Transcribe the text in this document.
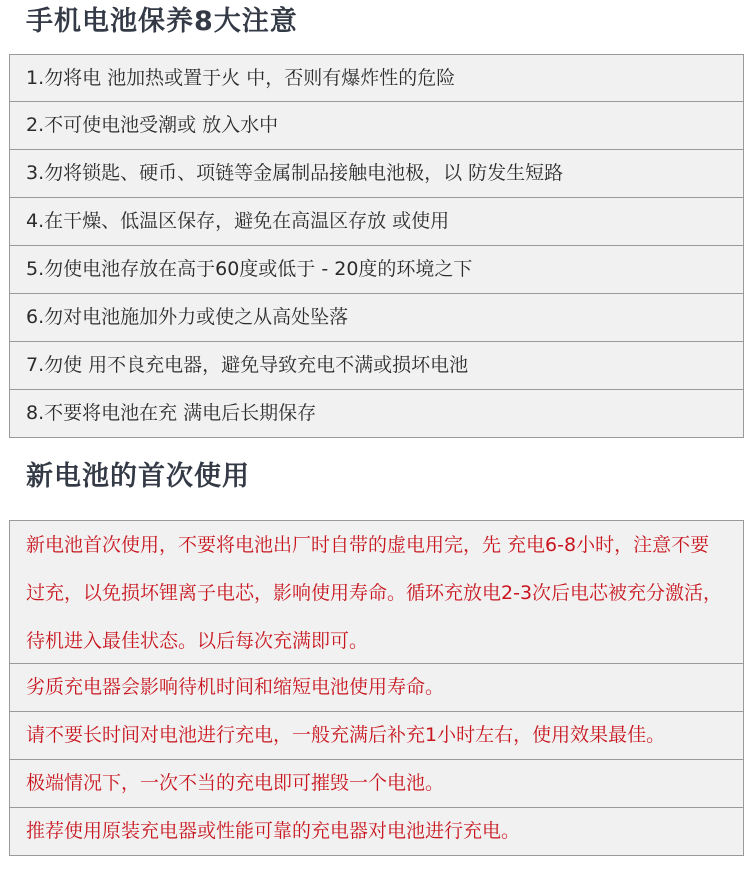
手机电池保养8大注意
1.勿将电 池加热或置于火 中，否则有爆炸性的危险
2.不可使电池受潮或 放入水中
3.勿将锁匙、硬币、项链等金属制品接触电池极，以 防发生短路
4.在干燥、低温区保存，避免在高温区存放 或使用
5.勿使电池存放在高于60度或低于 - 20度的环境之下
6.勿对电池施加外力或使之从高处坠落
7.勿使 用不良充电器，避免导致充电不满或损坏电池
8.不要将电池在充 满电后长期保存
新电池的首次使用
新电池首次使用，不要将电池出厂时自带的虚电用完，先 充电6-8小时，注意不要
过充，以免损坏锂离子电芯，影响使用寿命。循环充放电2-3次后电芯被充分激活，
待机进入最佳状态。以后每次充满即可。
劣质充电器会影响待机时间和缩短电池使用寿命。
请不要长时间对电池进行充电，一般充满后补充1小时左右，使用效果最佳。
极端情况下，一次不当的充电即可摧毁一个电池。
推荐使用原装充电器或性能可靠的充电器对电池进行充电。
